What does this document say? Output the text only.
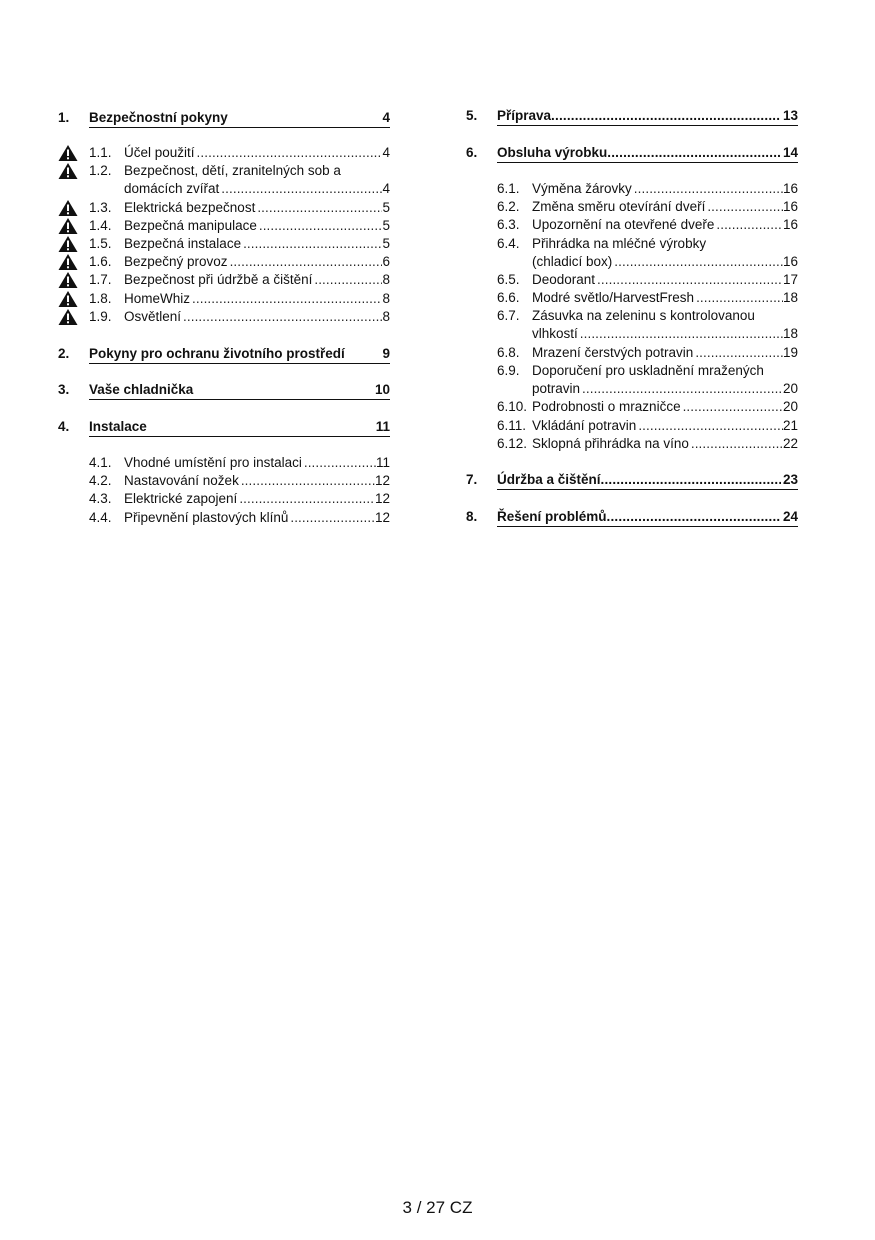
1.	Bezpečnostní pokyny	4
1.1. Účel použití .....	4
1.2. Bezpečnost, dětí, zranitelných sob a
domácích zvířat .....	4
1.3. Elektrická bezpečnost .....	5
1.4. Bezpečná manipulace .....	5
1.5. Bezpečná instalace .....	5
1.6. Bezpečný provoz .....	6
1.7. Bezpečnost při údržbě a čištění .....	8
1.8. HomeWhiz .....	8
1.9. Osvětlení .....	8
2.	Pokyny pro ochranu životního prostředí	9
3.	Vaše chladnička	10
4.	Instalace	11
4.1. Vhodné umístění pro instalaci .....	11
4.2. Nastavování nožek .....	12
4.3. Elektrické zapojení .....	12
4.4. Připevnění plastových klínů .....	12
5.	Příprava .....	13
6.	Obsluha výrobku .....	14
6.1. Výměna žárovky .....	16
6.2. Změna směru otevírání dveří .....	16
6.3. Upozornění na otevřené dveře .....	16
6.4. Přihrádka na mléčné výrobky
(chladicí box) .....	16
6.5. Deodorant .....	17
6.6. Modré světlo/HarvestFresh .....	18
6.7. Zásuvka na zeleninu s kontrolovanou
vlhkostí .....	18
6.8. Mrazení čerstvých potravin .....	19
6.9. Doporučení pro uskladnění mražených
potravin .....	20
6.10. Podrobnosti o mrazničce .....	20
6.11. Vkládání potravin .....	21
6.12. Sklopná přihrádka na víno .....	22
7.	Údržba a čištění .....	23
8.	Řešení problémů .....	24
3 / 27 CZ
